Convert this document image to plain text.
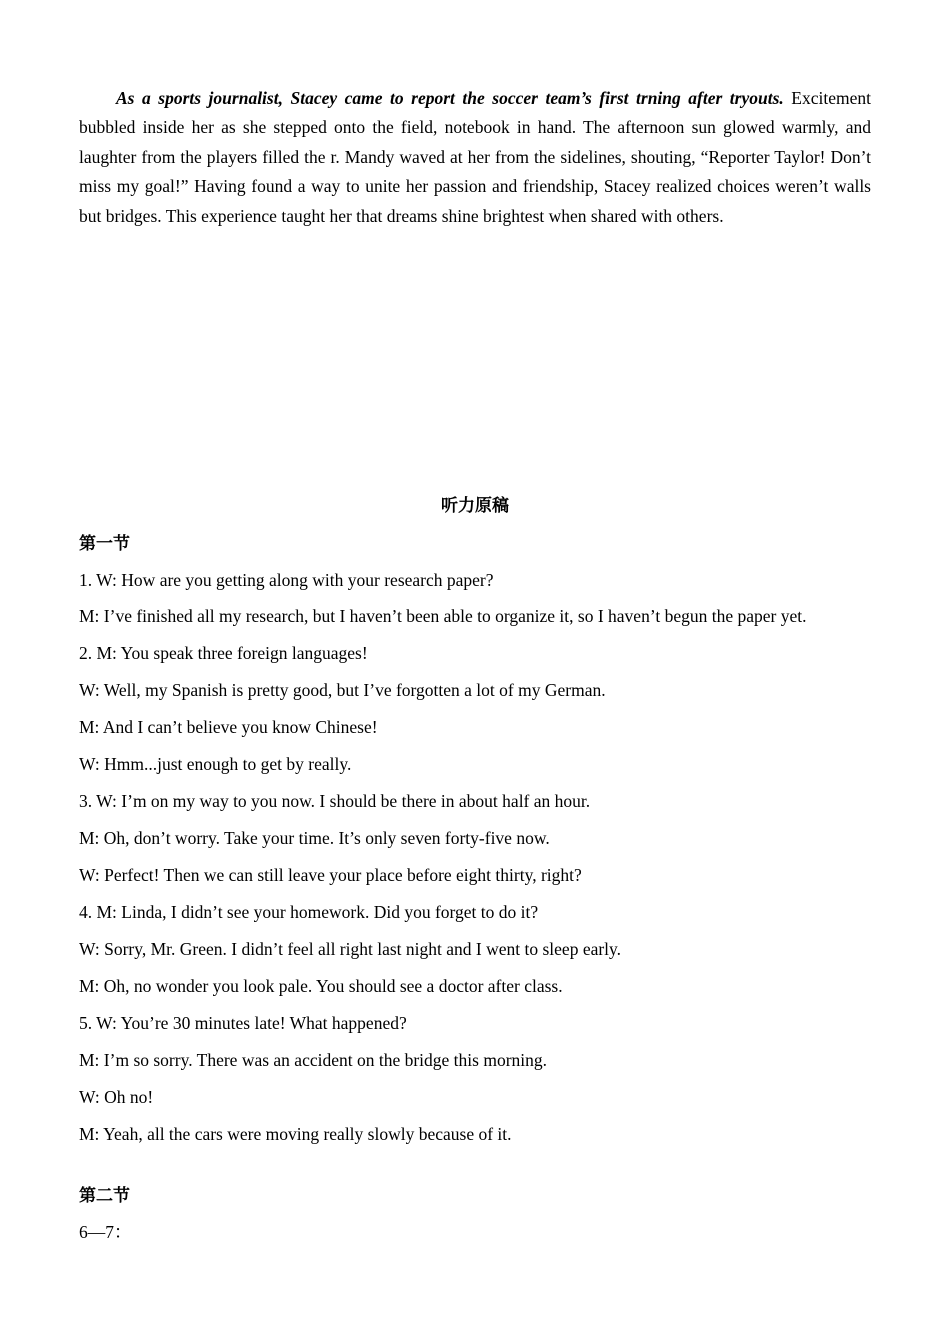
As a sports journalist, Stacey came to report the soccer team’s first trning after tryouts. Excitement bubbled inside her as she stepped onto the field, notebook in hand. The afternoon sun glowed warmly, and laughter from the players filled the r. Mandy waved at her from the sidelines, shouting, “Reporter Taylor! Don’t miss my goal!” Having found a way to unite her passion and friendship, Stacey realized choices weren’t walls but bridges. This experience taught her that dreams shine brightest when shared with others.

听力原稿
第一节

1. W: How are you getting along with your research paper?

M: I’ve finished all my research, but I haven’t been able to organize it, so I haven’t begun the paper yet.

2. M: You speak three foreign languages!

W: Well, my Spanish is pretty good, but I’ve forgotten a lot of my German.

M: And I can’t believe you know Chinese!

W: Hmm...just enough to get by really.

3. W: I’m on my way to you now. I should be there in about half an hour.

M: Oh, don’t worry. Take your time. It’s only seven forty-five now.

W: Perfect! Then we can still leave your place before eight thirty, right?

4. M: Linda, I didn’t see your homework. Did you forget to do it?

W: Sorry, Mr. Green. I didn’t feel all right last night and I went to sleep early.

M: Oh, no wonder you look pale. You should see a doctor after class.

5. W: You’re 30 minutes late! What happened?

M: I’m so sorry. There was an accident on the bridge this morning.

W: Oh no!

M: Yeah, all the cars were moving really slowly because of it.

第二节
6—7：
